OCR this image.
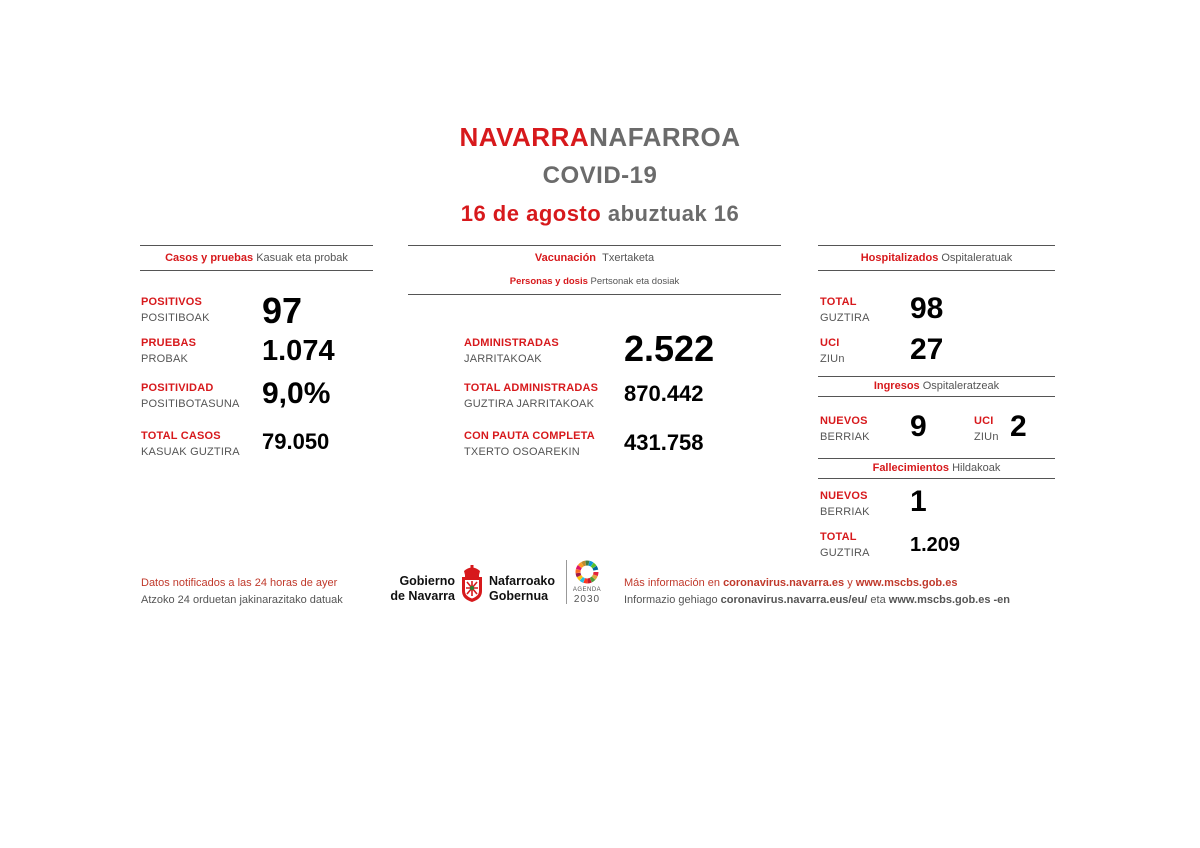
NAVARRANAFARROA
COVID-19
16 de agosto abuztuak 16
Casos y pruebas Kasuak eta probak
POSITIVOS
POSITIBOAK 97
PRUEBAS
PROBAK	1.074
POSITIVIDAD
POSITIBOTASUNA 9,0%
TOTAL CASOS
KASUAK GUZTIRA 79.050
Vacunación Txertaketa
Personas y dosis Pertsonak eta dosiak
ADMINISTRADAS
JARRITAKOAK 2.522
TOTAL ADMINISTRADAS
GUZTIRA JARRITAKOAK 870.442
CON PAUTA COMPLETA
TXERTO OSOAREKIN 431.758
Hospitalizados Ospitaleratuak
TOTAL
GUZTIRA 98
UCI
ZIUn 27
Ingresos Ospitaleratzeak
NUEVOS
BERRIAK 9	UCI
ZIUn 2
Fallecimientos Hildakoak
NUEVOS
BERRIAK 1
TOTAL
GUZTIRA 1.209
Datos notificados a las 24 horas de ayer
Atzoko 24 orduetan jakinarazitako datuak
Gobierno
de Navarra
Nafarroako
Gobernua	AGENDA
2030
Más información en coronavirus.navarra.es y www.mscbs.gob.es
Informazio gehiago coronavirus.navarra.eus/eu/ eta www.mscbs.gob.es -en
